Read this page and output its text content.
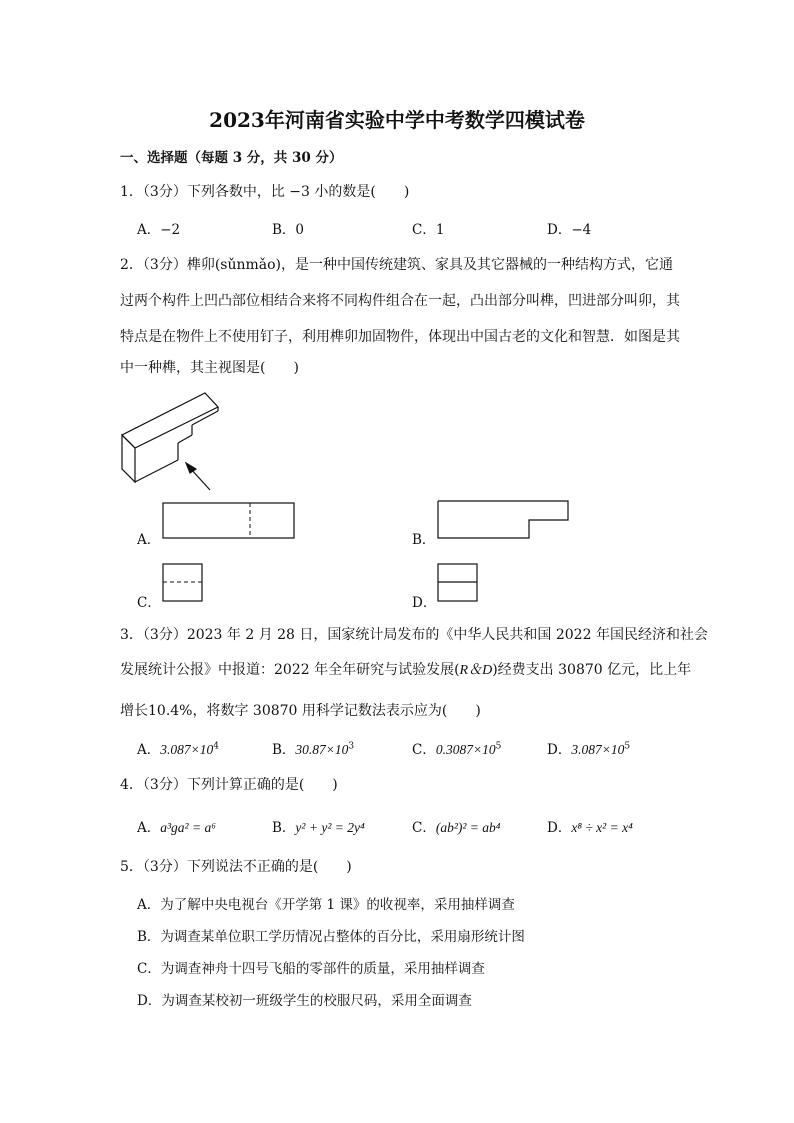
2023年河南省实验中学中考数学四模试卷
一、选择题（每题 3 分，共 30 分）
1．（3分）下列各数中，比 −3 小的数是(　　)
A．−2	B．0	C．1	D．−4
2．（3分）榫卯(sǔnmǎo)，是一种中国传统建筑、家具及其它器械的一种结构方式，它通
过两个构件上凹凸部位相结合来将不同构件组合在一起，凸出部分叫榫，凹进部分叫卯，其
特点是在物件上不使用钉子，利用榫卯加固物件，体现出中国古老的文化和智慧．如图是其
中一种榫，其主视图是(　　)
A．	B．
C．	D．
3．（3分）2023 年 2 月 28 日，国家统计局发布的《中华人民共和国 2022 年国民经济和社会
发展统计公报》中报道：2022 年全年研究与试验发展(R＆D)经费支出 30870 亿元，比上年
增长10.4%，将数字 30870 用科学记数法表示应为(　　)
A．$3.087\times 10^4$	B．$30.87\times 10^3$	C．$0.3087\times 10^5$	D．$3.087\times 10^5$
4．（3分）下列计算正确的是(　　)
A．a³gа² = a⁶	B．y² + y² = 2y⁴	C．(ab²)² = ab⁴	D．x⁸ ÷ x² = x⁴
5．（3分）下列说法不正确的是(　　)
A．为了解中央电视台《开学第 1 课》的收视率，采用抽样调查
B．为调查某单位职工学历情况占整体的百分比，采用扇形统计图
C．为调查神舟十四号飞船的零部件的质量，采用抽样调查
D．为调查某校初一班级学生的校服尺码，采用全面调查
